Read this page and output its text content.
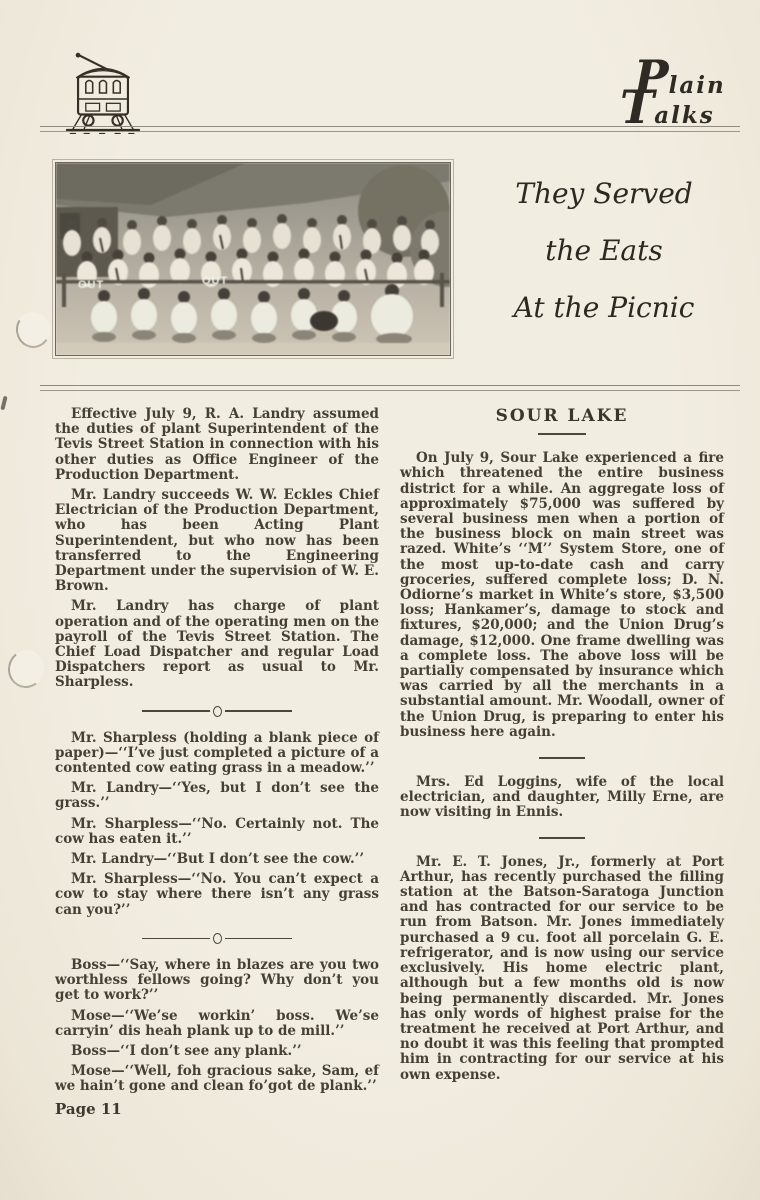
Plain
Talks
OUT	OUT
They Served
the Eats
At the Picnic

Effective July 9, R. A. Landry assumed the duties of plant Superintendent of the Tevis Street Station in connection with his other duties as Office Engineer of the Production Department.

Mr. Landry succeeds W. W. Eckles Chief Electrician of the Production Department, who has been Acting Plant Superintendent, but who now has been transferred to the Engineering Department under the supervision of W. E. Brown.

Mr. Landry has charge of plant operation and of the operating men on the payroll of the Tevis Street Station. The Chief Load Dispatcher and regular Load Dispatchers report as usual to Mr. Sharpless.

Mr. Sharpless (holding a blank piece of paper)—‘‘I’ve just completed a picture of a contented cow eating grass in a meadow.’’

Mr. Landry—‘‘Yes, but I don’t see the grass.’’

Mr. Sharpless—‘‘No. Certainly not. The cow has eaten it.’’

Mr. Landry—‘‘But I don’t see the cow.’’

Mr. Sharpless—‘‘No. You can’t expect a cow to stay where there isn’t any grass can you?’’

Boss—‘‘Say, where in blazes are you two worthless fellows going? Why don’t you get to work?’’

Mose—‘‘We’se workin’ boss. We’se carryin’ dis heah plank up to de mill.’’

Boss—‘‘I don’t see any plank.’’

Mose—‘‘Well, foh gracious sake, Sam, ef we hain’t gone and clean fo’got de plank.’’

SOUR LAKE

On July 9, Sour Lake experienced a fire which threatened the entire business district for a while. An aggregate loss of approximately $75,000 was suffered by several business men when a portion of the business block on main street was razed. White’s ‘‘M’’ System Store, one of the most up-to-date cash and carry groceries, suffered complete loss; D. N. Odiorne’s market in White’s store, $3,500 loss; Hankamer’s, damage to stock and fixtures, $20,000; and the Union Drug’s damage, $12,000. One frame dwelling was a complete loss. The above loss will be partially compensated by insurance which was carried by all the merchants in a substantial amount. Mr. Woodall, owner of the Union Drug, is preparing to enter his business here again.

Mrs. Ed Loggins, wife of the local electrician, and daughter, Milly Erne, are now visiting in Ennis.

Mr. E. T. Jones, Jr., formerly at Port Arthur, has recently purchased the filling station at the Batson-Saratoga Junction and has contracted for our service to be run from Batson. Mr. Jones immediately purchased a 9 cu. foot all porcelain G. E. refrigerator, and is now using our service exclusively. His home electric plant, although but a few months old is now being permanently discarded. Mr. Jones has only words of highest praise for the treatment he received at Port Arthur, and no doubt it was this feeling that prompted him in contracting for our service at his own expense.

Page 11
